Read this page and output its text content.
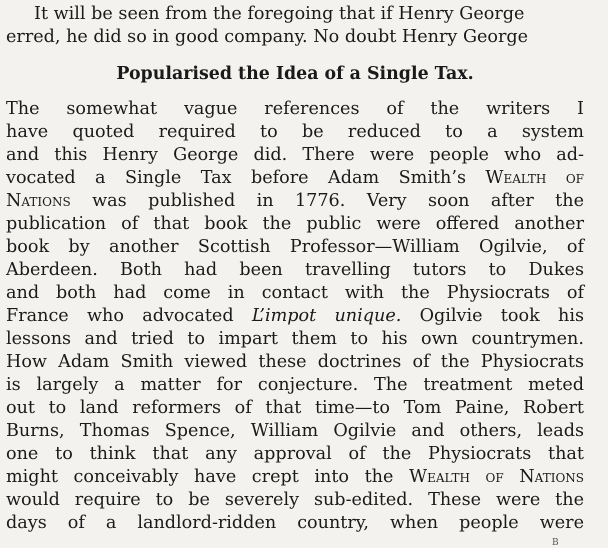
It will be seen from the foregoing that if Henry George
erred, he did so in good company. No doubt Henry George
Popularised the Idea of a Single Tax.
The somewhat vague references of the writers I
have quoted required to be reduced to a system
and this Henry George did. There were people who ad-
vocated a Single Tax before Adam Smith’s Wealth of
Nations was published in 1776. Very soon after the
publication of that book the public were offered another
book by another Scottish Professor—William Ogilvie, of
Aberdeen. Both had been travelling tutors to Dukes
and both had come in contact with the Physiocrats of
France who advocated L’impot unique. Ogilvie took his
lessons and tried to impart them to his own countrymen.
How Adam Smith viewed these doctrines of the Physiocrats
is largely a matter for conjecture. The treatment meted
out to land reformers of that time—to Tom Paine, Robert
Burns, Thomas Spence, William Ogilvie and others, leads
one to think that any approval of the Physiocrats that
might conceivably have crept into the Wealth of Nations
would require to be severely sub-edited. These were the
days of a landlord-ridden country, when people were
B
